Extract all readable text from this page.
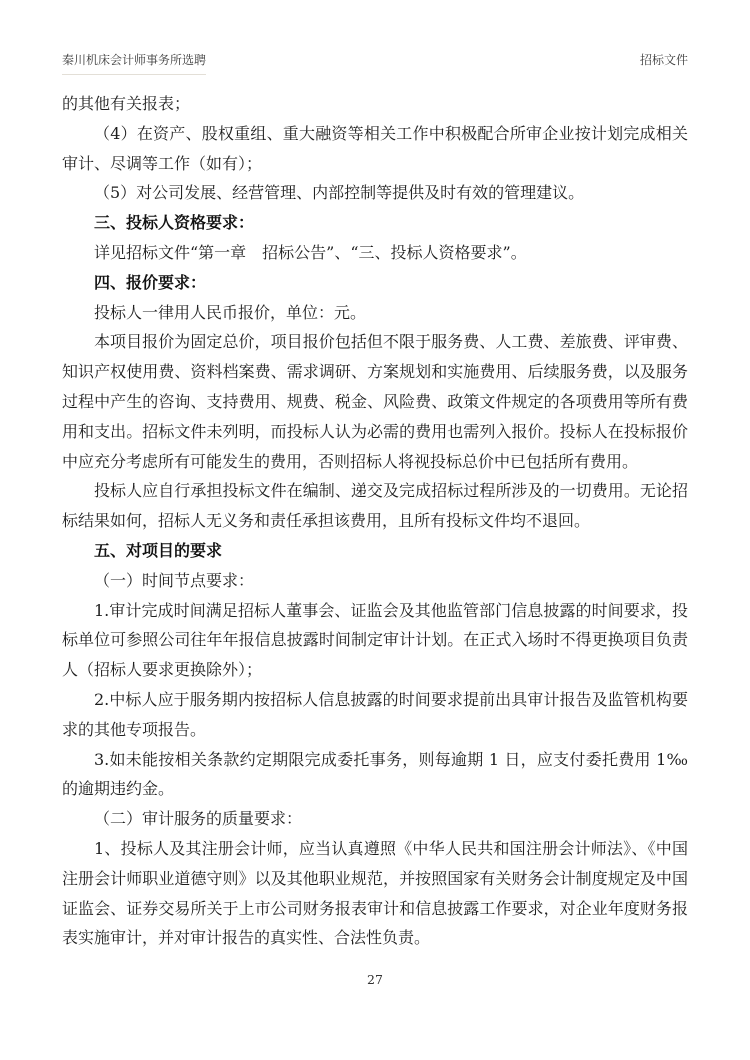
秦川机床会计师事务所选聘	招标文件

的其他有关报表；

（4）在资产、股权重组、重大融资等相关工作中积极配合所审企业按计划完成相关审计、尽调等工作（如有）；

（5）对公司发展、经营管理、内部控制等提供及时有效的管理建议。

三、投标人资格要求：

详见招标文件“第一章　招标公告”、“三、投标人资格要求”。

四、报价要求：

投标人一律用人民币报价，单位：元。

本项目报价为固定总价，项目报价包括但不限于服务费、人工费、差旅费、评审费、知识产权使用费、资料档案费、需求调研、方案规划和实施费用、后续服务费，以及服务过程中产生的咨询、支持费用、规费、税金、风险费、政策文件规定的各项费用等所有费用和支出。招标文件未列明，而投标人认为必需的费用也需列入报价。投标人在投标报价中应充分考虑所有可能发生的费用，否则招标人将视投标总价中已包括所有费用。

投标人应自行承担投标文件在编制、递交及完成招标过程所涉及的一切费用。无论招标结果如何，招标人无义务和责任承担该费用，且所有投标文件均不退回。

五、对项目的要求

（一）时间节点要求：

1.审计完成时间满足招标人董事会、证监会及其他监管部门信息披露的时间要求，投标单位可参照公司往年年报信息披露时间制定审计计划。在正式入场时不得更换项目负责人（招标人要求更换除外）；

2.中标人应于服务期内按招标人信息披露的时间要求提前出具审计报告及监管机构要求的其他专项报告。

3.如未能按相关条款约定期限完成委托事务，则每逾期 1 日，应支付委托费用 1‰的逾期违约金。

（二）审计服务的质量要求：

1、投标人及其注册会计师，应当认真遵照《中华人民共和国注册会计师法》、《中国注册会计师职业道德守则》以及其他职业规范，并按照国家有关财务会计制度规定及中国证监会、证券交易所关于上市公司财务报表审计和信息披露工作要求，对企业年度财务报表实施审计，并对审计报告的真实性、合法性负责。

27
